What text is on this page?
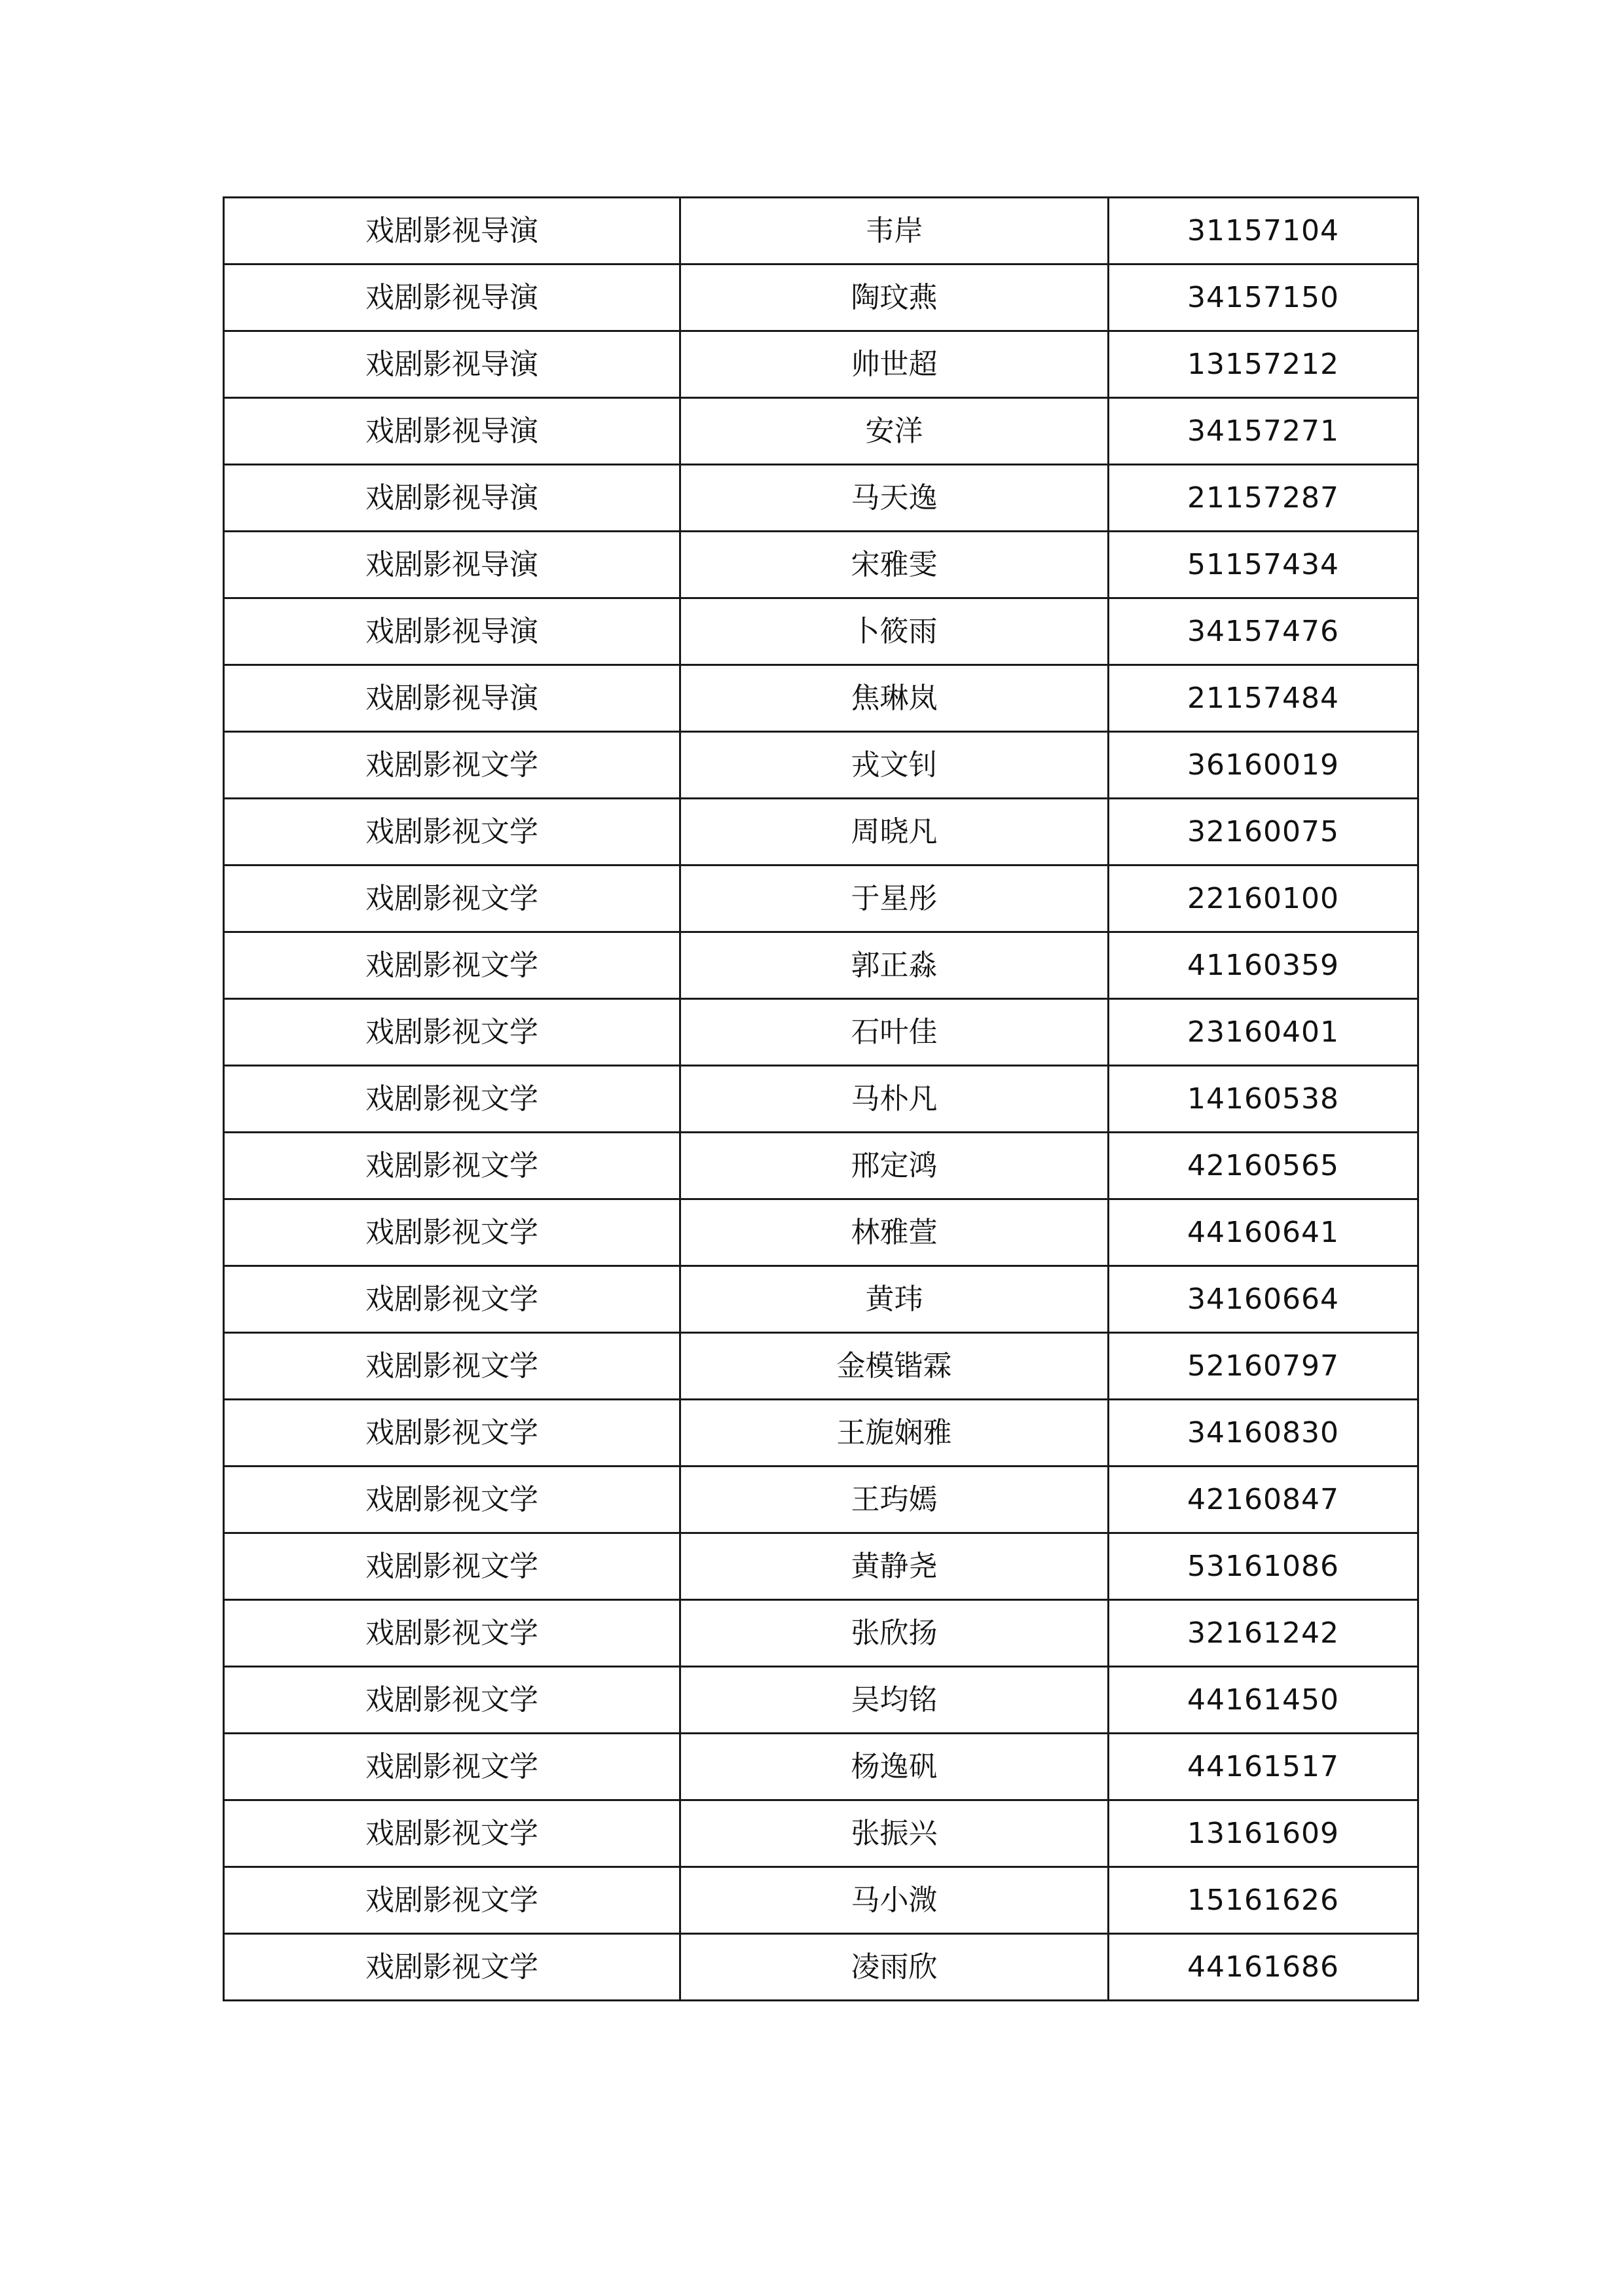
戏剧影视导演	韦岸	31157104
戏剧影视导演	陶玟燕	34157150
戏剧影视导演	帅世超	13157212
戏剧影视导演	安洋	34157271
戏剧影视导演	马天逸	21157287
戏剧影视导演	宋雅雯	51157434
戏剧影视导演	卜筱雨	34157476
戏剧影视导演	焦琳岚	21157484
戏剧影视文学	戎文钊	36160019
戏剧影视文学	周晓凡	32160075
戏剧影视文学	于星彤	22160100
戏剧影视文学	郭正淼	41160359
戏剧影视文学	石叶佳	23160401
戏剧影视文学	马朴凡	14160538
戏剧影视文学	邢定鸿	42160565
戏剧影视文学	林雅萱	44160641
戏剧影视文学	黄玮	34160664
戏剧影视文学	金模锴霖	52160797
戏剧影视文学	王旎娴雅	34160830
戏剧影视文学	王玙嫣	42160847
戏剧影视文学	黄静尧	53161086
戏剧影视文学	张欣扬	32161242
戏剧影视文学	吴均铭	44161450
戏剧影视文学	杨逸矾	44161517
戏剧影视文学	张振兴	13161609
戏剧影视文学	马小溦	15161626
戏剧影视文学	凌雨欣	44161686
